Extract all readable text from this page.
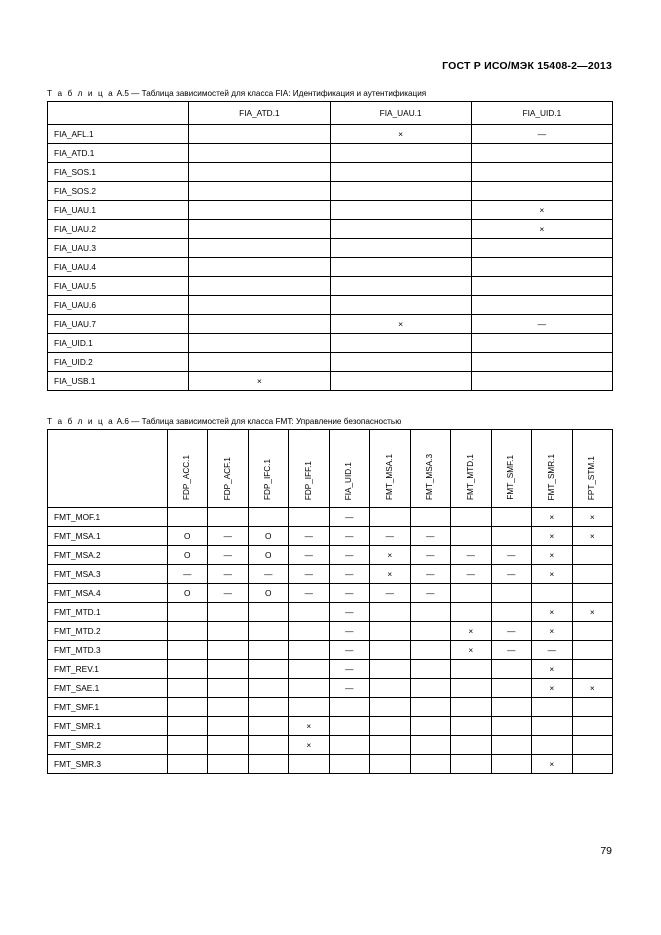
ГОСТ Р ИСО/МЭК 15408-2—2013
Т а б л и ц а А.5 — Таблица зависимостей для класса FIA: Идентификация и аутентификация
	FIA_ATD.1	FIA_UAU.1	FIA_UID.1
FIA_AFL.1		×	—
FIA_ATD.1			
FIA_SOS.1			
FIA_SOS.2			
FIA_UAU.1			×
FIA_UAU.2			×
FIA_UAU.3			
FIA_UAU.4			
FIA_UAU.5			
FIA_UAU.6			
FIA_UAU.7		×	—
FIA_UID.1			
FIA_UID.2			
FIA_USB.1	×		
Т а б л и ц а А.6 — Таблица зависимостей для класса FMT: Управление безопасностью
	FDP_ACC.1	FDP_ACF.1	FDP_IFC.1	FDP_IFF.1	FIA_UID.1	FMT_MSA.1	FMT_MSA.3	FMT_MTD.1	FMT_SMF.1	FMT_SMR.1	FPT_STM.1
FMT_MOF.1					—					×	×
FMT_MSA.1	О	—	О	—	—	—	—			×	×
FMT_MSA.2	О	—	О	—	—	×	—	—	—	×	
FMT_MSA.3	—	—	—	—	—	×	—	—	—	×	
FMT_MSA.4	О	—	О	—	—	—	—				
FMT_MTD.1					—					×	×
FMT_MTD.2					—			×	—	×	
FMT_MTD.3					—			×	—	—	
FMT_REV.1					—					×	
FMT_SAE.1					—					×	×
FMT_SMF.1											
FMT_SMR.1				×							
FMT_SMR.2				×							
FMT_SMR.3										×	
79
